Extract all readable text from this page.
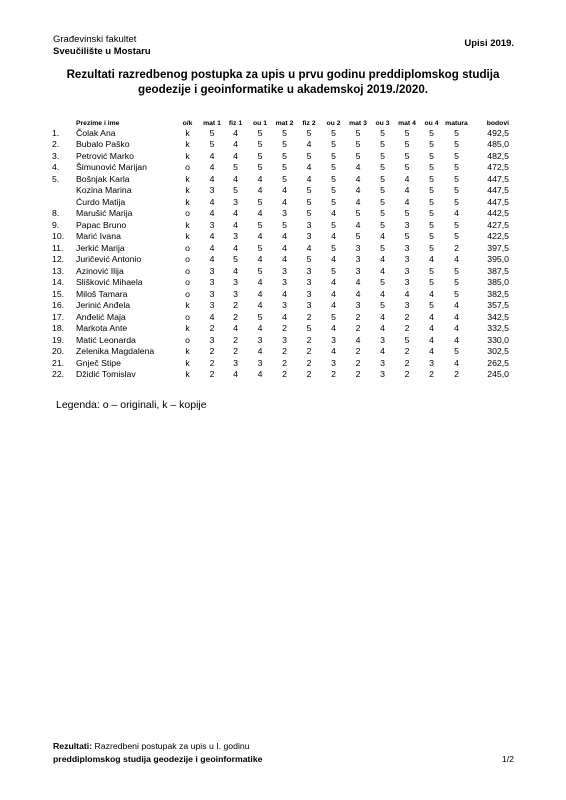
Građevinski fakultet
Sveučilište u Mostaru
Upisi 2019.
Rezultati razredbenog postupka za upis u prvu godinu preddiplomskog studija
geodezije i geoinformatike u akademskoj 2019./2020.
	Prezime i ime	o/k	mat 1	fiz 1	ou 1	mat 2	fiz 2	ou 2	mat 3	ou 3	mat 4	ou 4	matura	bodovi
1.	Čolak Ana	k	5	4	5	5	5	5	5	5	5	5	5	492,5
2.	Bubalo Paško	k	5	4	5	5	4	5	5	5	5	5	5	485,0
3.	Petrović Marko	k	4	4	5	5	5	5	5	5	5	5	5	482,5
4.	Šimunović Marijan	o	4	5	5	5	4	5	4	5	5	5	5	472,5
5.	Bošnjak Karla	k	4	4	4	5	4	5	4	5	4	5	5	447,5
	Kozina Marina	k	3	5	4	4	5	5	4	5	4	5	5	447,5
	Ćurdo Matija	k	4	3	5	4	5	5	4	5	4	5	5	447,5
8.	Marušić Marija	o	4	4	4	3	5	4	5	5	5	5	4	442,5
9.	Papac Bruno	k	3	4	5	5	3	5	4	5	3	5	5	427,5
10.	Marić Ivana	k	4	3	4	4	3	4	5	4	5	5	5	422,5
11.	Jerkić Marija	o	4	4	5	4	4	5	3	5	3	5	2	397,5
12.	Juričević Antonio	o	4	5	4	4	5	4	3	4	3	4	4	395,0
13.	Azinović Ilija	o	3	4	5	3	3	5	3	4	3	5	5	387,5
14.	Slišković Mihaela	o	3	3	4	3	3	4	4	5	3	5	5	385,0
15.	Miloš Tamara	o	3	3	4	4	3	4	4	4	4	4	5	382,5
16.	Jerinić Anđela	k	3	2	4	3	3	4	3	5	3	5	4	357,5
17.	Anđelić Maja	o	4	2	5	4	2	5	2	4	2	4	4	342,5
18.	Markota Ante	k	2	4	4	2	5	4	2	4	2	4	4	332,5
19.	Matić Leonarda	o	3	2	3	3	2	3	4	3	5	4	4	330,0
20.	Zelenika Magdalena	k	2	2	4	2	2	4	2	4	2	4	5	302,5
21.	Gnječ Stipe	k	2	3	3	2	2	3	2	3	2	3	4	262,5
22.	Džidić Tomislav	k	2	4	4	2	2	2	2	3	2	2	2	245,0
Legenda: o – originali, k – kopije
Rezultati: Razredbeni postupak za upis u I. godinu
preddiplomskog studija geodezije i geoinformatike	1/2
